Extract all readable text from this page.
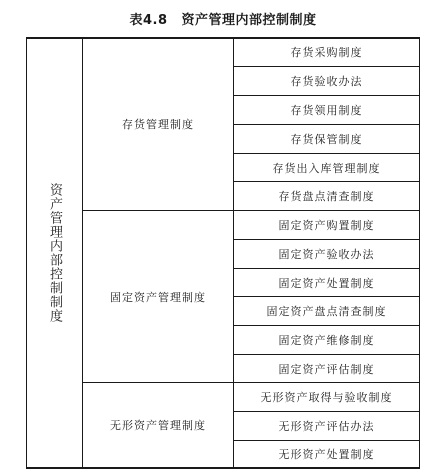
表4.8 资产管理内部控制制度
资产管理内部控制制度
存货管理制度
固定资产管理制度
无形资产管理制度
存货采购制度
存货验收办法
存货领用制度
存货保管制度
存货出入库管理制度
存货盘点清查制度
固定资产购置制度
固定资产验收办法
固定资产处置制度
固定资产盘点清查制度
固定资产维修制度
固定资产评估制度
无形资产取得与验收制度
无形资产评估办法
无形资产处置制度
